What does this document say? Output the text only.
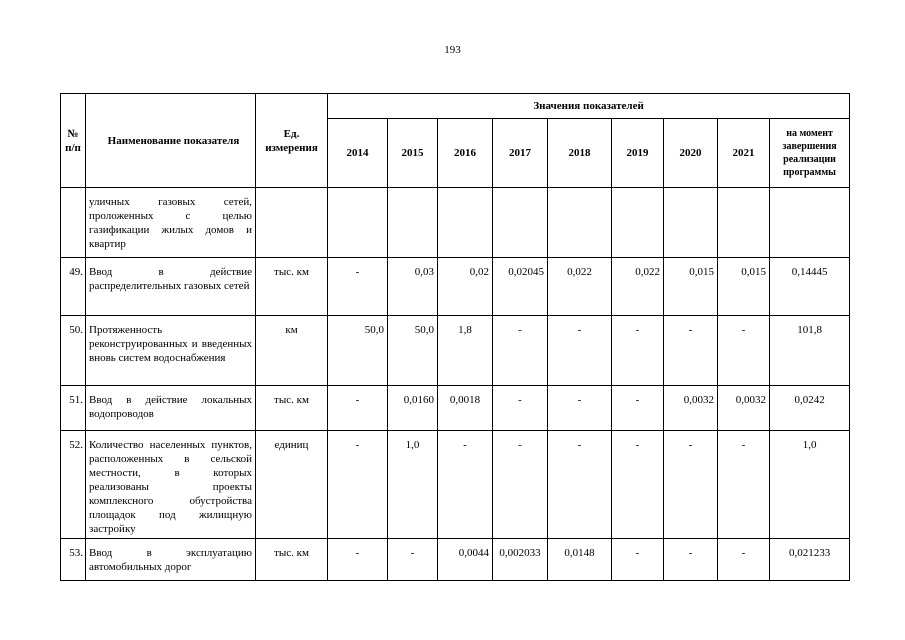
193
№
п/п	Наименование показателя	Ед.
измерения	Значения показателей								
			2014	2015	2016	2017	2018	2019	2020	2021	на момент завершения реализации программы
	уличных газовых сетей, проложенных с целью газификации жилых домов и квартир										
49.	Ввод в действие распределительных газовых сетей	тыс. км	-	0,03	0,02	0,02045	0,022	0,022	0,015	0,015	0,14445
50.	Протяженность реконструированных и введенных вновь систем водоснабжения	км	50,0	50,0	1,8	-	-	-	-	-	101,8
51.	Ввод в действие локальных водопроводов	тыс. км	-	0,0160	0,0018	-	-	-	0,0032	0,0032	0,0242
52.	Количество населенных пунктов, расположенных в сельской местности, в которых реализованы проекты комплексного обустройства площадок под жилищную застройку	единиц	-	1,0	-	-	-	-	-	-	1,0
53.	Ввод в эксплуатацию автомобильных дорог	тыс. км	-	-	0,0044	0,002033	0,0148	-	-	-	0,021233
